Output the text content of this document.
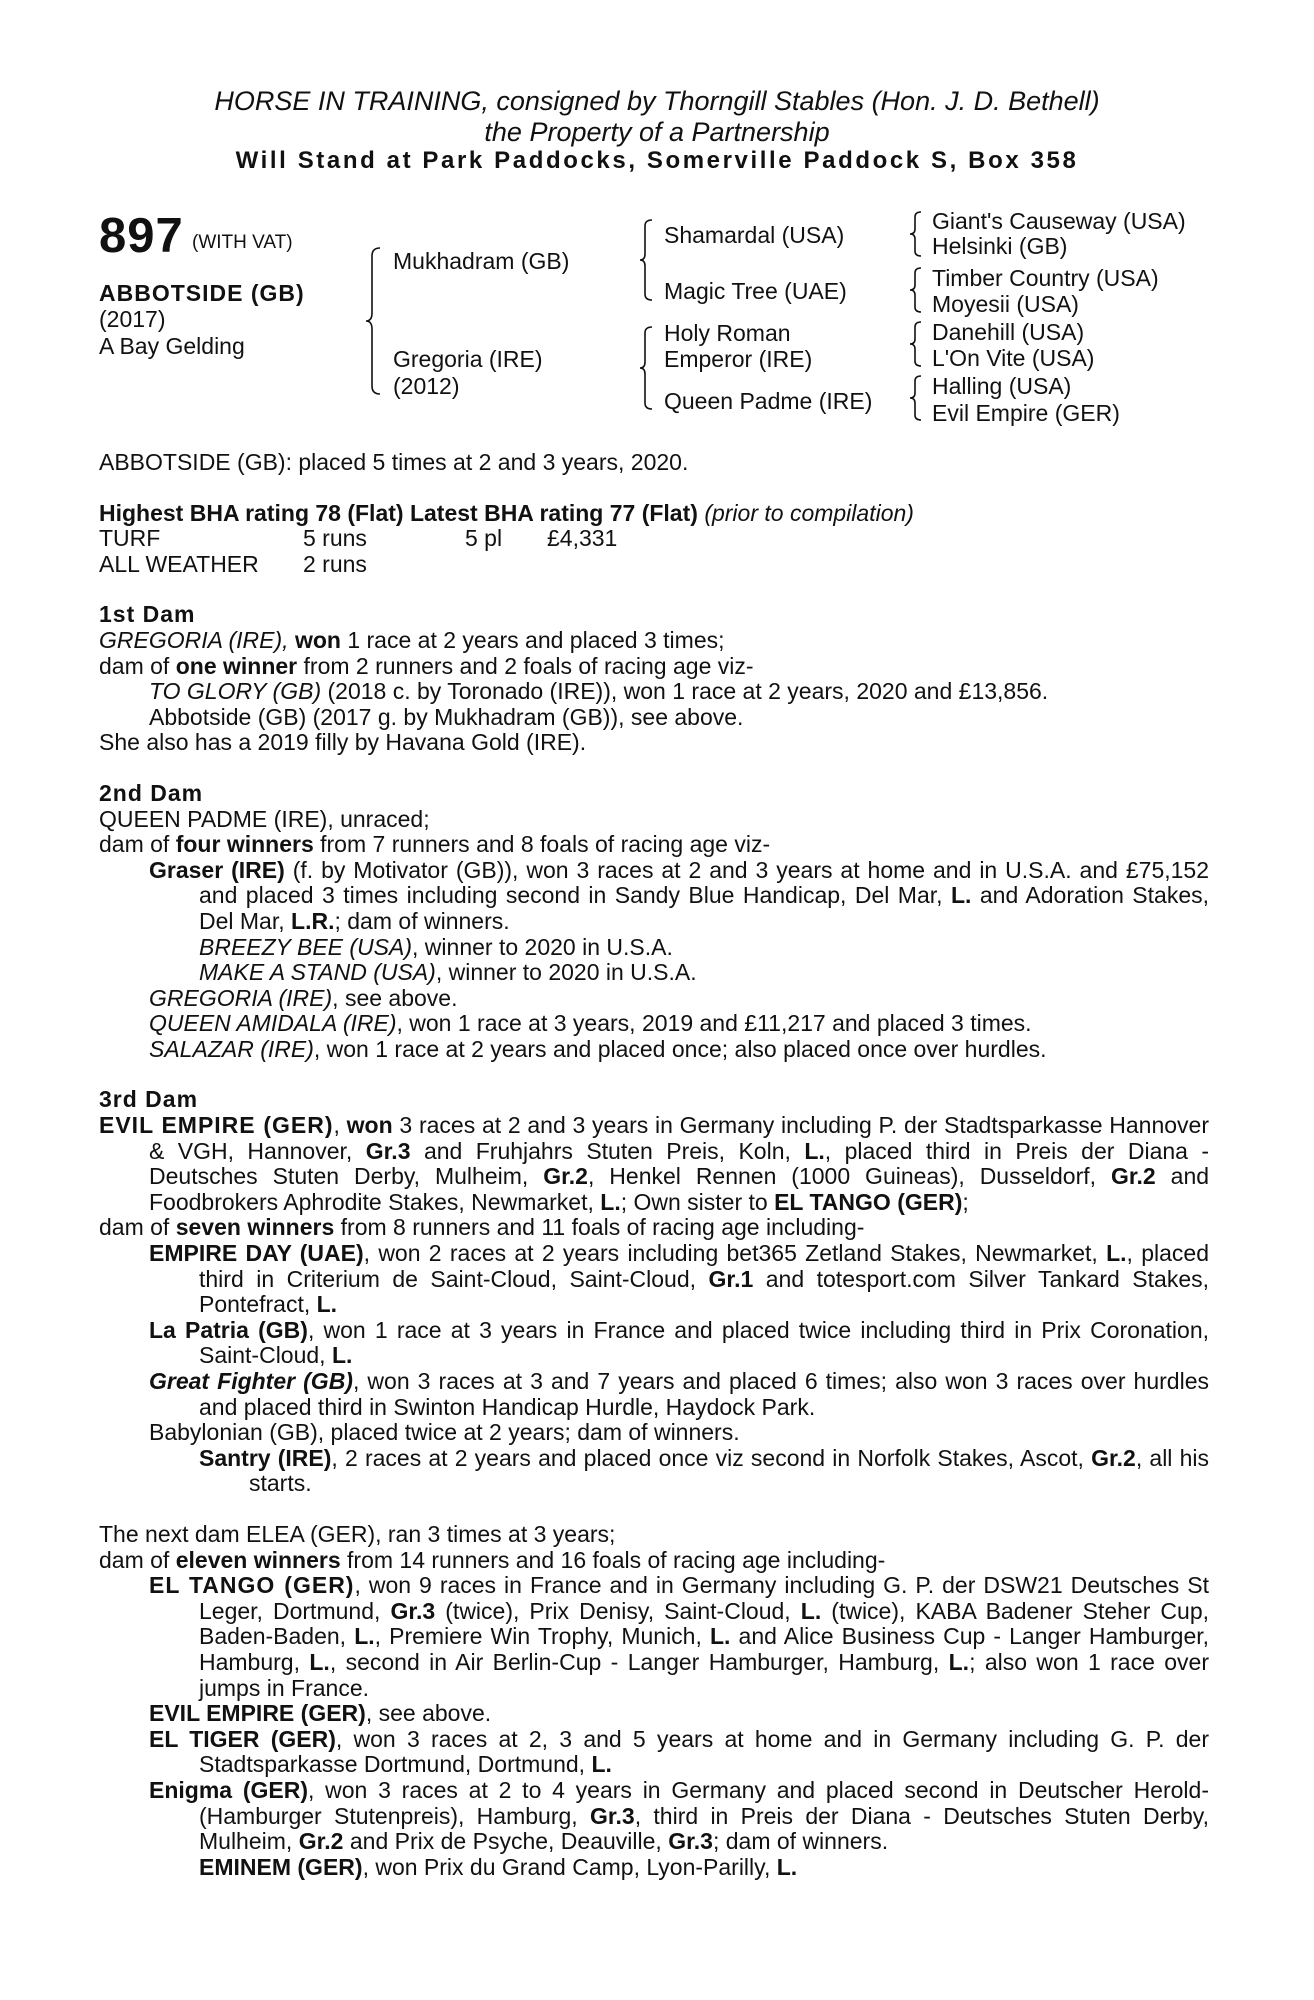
HORSE IN TRAINING, consigned by Thorngill Stables (Hon. J. D. Bethell)
the Property of a Partnership
Will Stand at Park Paddocks, Somerville Paddock S, Box 358
897 (WITH VAT)
ABBOTSIDE (GB)
(2017)
A Bay Gelding
Mukhadram (GB)
Gregoria (IRE)
(2012)
Shamardal (USA)
Magic Tree (UAE)
Holy Roman
Emperor (IRE)
Queen Padme (IRE)
Giant's Causeway (USA)
Helsinki (GB)
Timber Country (USA)
Moyesii (USA)
Danehill (USA)
L'On Vite (USA)
Halling (USA)
Evil Empire (GER)

ABBOTSIDE (GB): placed 5 times at 2 and 3 years, 2020.

Highest BHA rating 78 (Flat) Latest BHA rating 77 (Flat) (prior to compilation)

TURF	5 runs	5 pl £4,331

ALL WEATHER 2 runs

1st Dam

GREGORIA (IRE), won 1 race at 2 years and placed 3 times;

dam of one winner from 2 runners and 2 foals of racing age viz-

TO GLORY (GB) (2018 c. by Toronado (IRE)), won 1 race at 2 years, 2020 and £13,856.

Abbotside (GB) (2017 g. by Mukhadram (GB)), see above.

She also has a 2019 filly by Havana Gold (IRE).

2nd Dam

QUEEN PADME (IRE), unraced;

dam of four winners from 7 runners and 8 foals of racing age viz-

Graser (IRE) (f. by Motivator (GB)), won 3 races at 2 and 3 years at home and in U.S.A. and £75,152 and placed 3 times including second in Sandy Blue Handicap, Del Mar, L. and Adoration Stakes, Del Mar, L.R.; dam of winners.

BREEZY BEE (USA), winner to 2020 in U.S.A.

MAKE A STAND (USA), winner to 2020 in U.S.A.

GREGORIA (IRE), see above.

QUEEN AMIDALA (IRE), won 1 race at 3 years, 2019 and £11,217 and placed 3 times.

SALAZAR (IRE), won 1 race at 2 years and placed once; also placed once over hurdles.

3rd Dam

EVIL EMPIRE (GER), won 3 races at 2 and 3 years in Germany including P. der Stadtsparkasse Hannover & VGH, Hannover, Gr.3 and Fruhjahrs Stuten Preis, Koln, L., placed third in Preis der Diana - Deutsches Stuten Derby, Mulheim, Gr.2, Henkel Rennen (1000 Guineas), Dusseldorf, Gr.2 and Foodbrokers Aphrodite Stakes, Newmarket, L.; Own sister to EL TANGO (GER);

dam of seven winners from 8 runners and 11 foals of racing age including-

EMPIRE DAY (UAE), won 2 races at 2 years including bet365 Zetland Stakes, Newmarket, L., placed third in Criterium de Saint-Cloud, Saint-Cloud, Gr.1 and totesport.com Silver Tankard Stakes, Pontefract, L.

La Patria (GB), won 1 race at 3 years in France and placed twice including third in Prix Coronation, Saint-Cloud, L.

Great Fighter (GB), won 3 races at 3 and 7 years and placed 6 times; also won 3 races over hurdles and placed third in Swinton Handicap Hurdle, Haydock Park.

Babylonian (GB), placed twice at 2 years; dam of winners.

Santry (IRE), 2 races at 2 years and placed once viz second in Norfolk Stakes, Ascot, Gr.2, all his starts.

The next dam ELEA (GER), ran 3 times at 3 years;

dam of eleven winners from 14 runners and 16 foals of racing age including-

EL TANGO (GER), won 9 races in France and in Germany including G. P. der DSW21 Deutsches St Leger, Dortmund, Gr.3 (twice), Prix Denisy, Saint-Cloud, L. (twice), KABA Badener Steher Cup, Baden-Baden, L., Premiere Win Trophy, Munich, L. and Alice Business Cup - Langer Hamburger, Hamburg, L., second in Air Berlin-Cup - Langer Hamburger, Hamburg, L.; also won 1 race over jumps in France.

EVIL EMPIRE (GER), see above.

EL TIGER (GER), won 3 races at 2, 3 and 5 years at home and in Germany including G. P. der Stadtsparkasse Dortmund, Dortmund, L.

Enigma (GER), won 3 races at 2 to 4 years in Germany and placed second in Deutscher Herold-(Hamburger Stutenpreis), Hamburg, Gr.3, third in Preis der Diana - Deutsches Stuten Derby, Mulheim, Gr.2 and Prix de Psyche, Deauville, Gr.3; dam of winners.

EMINEM (GER), won Prix du Grand Camp, Lyon-Parilly, L.
